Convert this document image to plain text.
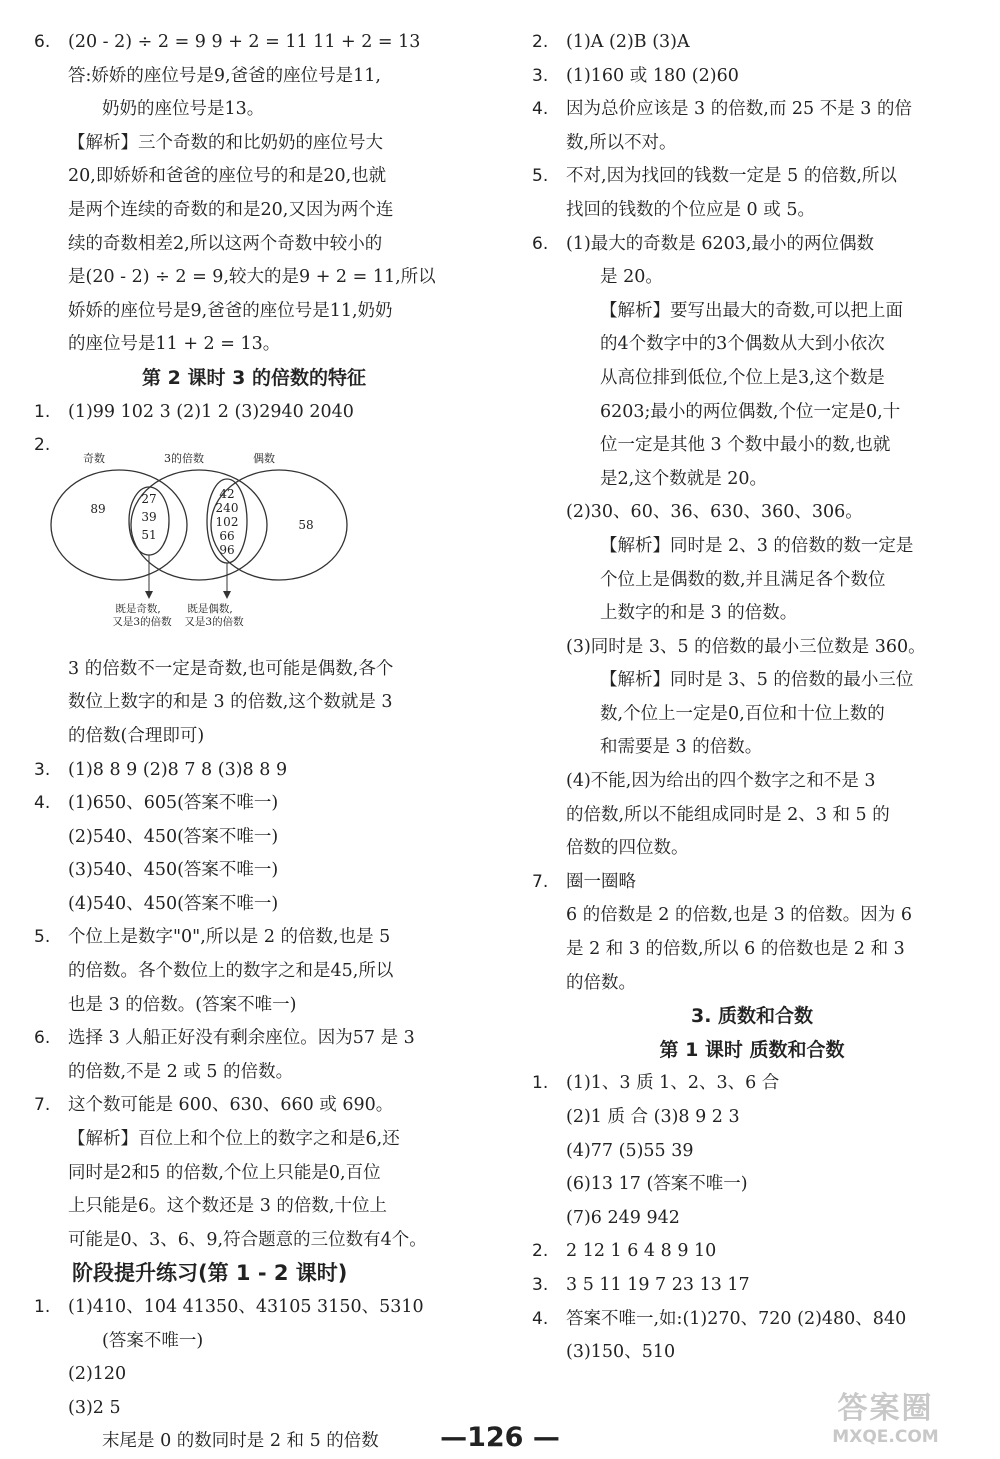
6. (20 - 2) ÷ 2 = 9 9 + 2 = 11 11 + 2 = 13
答:娇娇的座位号是9,爸爸的座位号是11,
奶奶的座位号是13。
【解析】三个奇数的和比奶奶的座位号大
20,即娇娇和爸爸的座位号的和是20,也就
是两个连续的奇数的和是20,又因为两个连
续的奇数相差2,所以这两个奇数中较小的
是(20 - 2) ÷ 2 = 9,较大的是9 + 2 = 11,所以
娇娇的座位号是9,爸爸的座位号是11,奶奶
的座位号是11 + 2 = 13。
第 2 课时 3 的倍数的特征
1. (1)99 102 3 (2)1 2 (3)2940 2040
2.
奇数	3的倍数	偶数
89
27
39
51
42
240
102
66
96
58
既是奇数,
又是3的倍数
既是偶数,
又是3的倍数
3 的倍数不一定是奇数,也可能是偶数,各个
数位上数字的和是 3 的倍数,这个数就是 3
的倍数(合理即可)
3. (1)8 8 9 (2)8 7 8 (3)8 8 9
4. (1)650、605(答案不唯一)
(2)540、450(答案不唯一)
(3)540、450(答案不唯一)
(4)540、450(答案不唯一)
5. 个位上是数字"0",所以是 2 的倍数,也是 5
的倍数。各个数位上的数字之和是45,所以
也是 3 的倍数。(答案不唯一)
6. 选择 3 人船正好没有剩余座位。因为57 是 3
的倍数,不是 2 或 5 的倍数。
7. 这个数可能是 600、630、660 或 690。
【解析】百位上和个位上的数字之和是6,还
同时是2和5 的倍数,个位上只能是0,百位
上只能是6。这个数还是 3 的倍数,十位上
可能是0、3、6、9,符合题意的三位数有4个。
阶段提升练习(第 1 - 2 课时)
1. (1)410、104 41350、43105 3150、5310
(答案不唯一)
(2)120
(3)2 5
末尾是 0 的数同时是 2 和 5 的倍数
2. (1)A (2)B (3)A
3. (1)160 或 180 (2)60
4. 因为总价应该是 3 的倍数,而 25 不是 3 的倍
数,所以不对。
5. 不对,因为找回的钱数一定是 5 的倍数,所以
找回的钱数的个位应是 0 或 5。
6. (1)最大的奇数是 6203,最小的两位偶数
是 20。
【解析】要写出最大的奇数,可以把上面
的4个数字中的3个偶数从大到小依次
从高位排到低位,个位上是3,这个数是
6203;最小的两位偶数,个位一定是0,十
位一定是其他 3 个数中最小的数,也就
是2,这个数就是 20。
(2)30、60、36、630、360、306。
【解析】同时是 2、3 的倍数的数一定是
个位上是偶数的数,并且满足各个数位
上数字的和是 3 的倍数。
(3)同时是 3、5 的倍数的最小三位数是 360。
【解析】同时是 3、5 的倍数的最小三位
数,个位上一定是0,百位和十位上数的
和需要是 3 的倍数。
(4)不能,因为给出的四个数字之和不是 3
的倍数,所以不能组成同时是 2、3 和 5 的
倍数的四位数。
7. 圈一圈略
6 的倍数是 2 的倍数,也是 3 的倍数。因为 6
是 2 和 3 的倍数,所以 6 的倍数也是 2 和 3
的倍数。
3. 质数和合数
第 1 课时 质数和合数
1. (1)1、3 质 1、2、3、6 合
(2)1 质 合 (3)8 9 2 3
(4)77 (5)55 39
(6)13 17 (答案不唯一)
(7)6 249 942
2. 2 12 1 6 4 8 9 10
3. 3 5 11 19 7 23 13 17
4. 答案不唯一,如:(1)270、720 (2)480、840
(3)150、510
—126 —
答案圈
MXQE.COM
